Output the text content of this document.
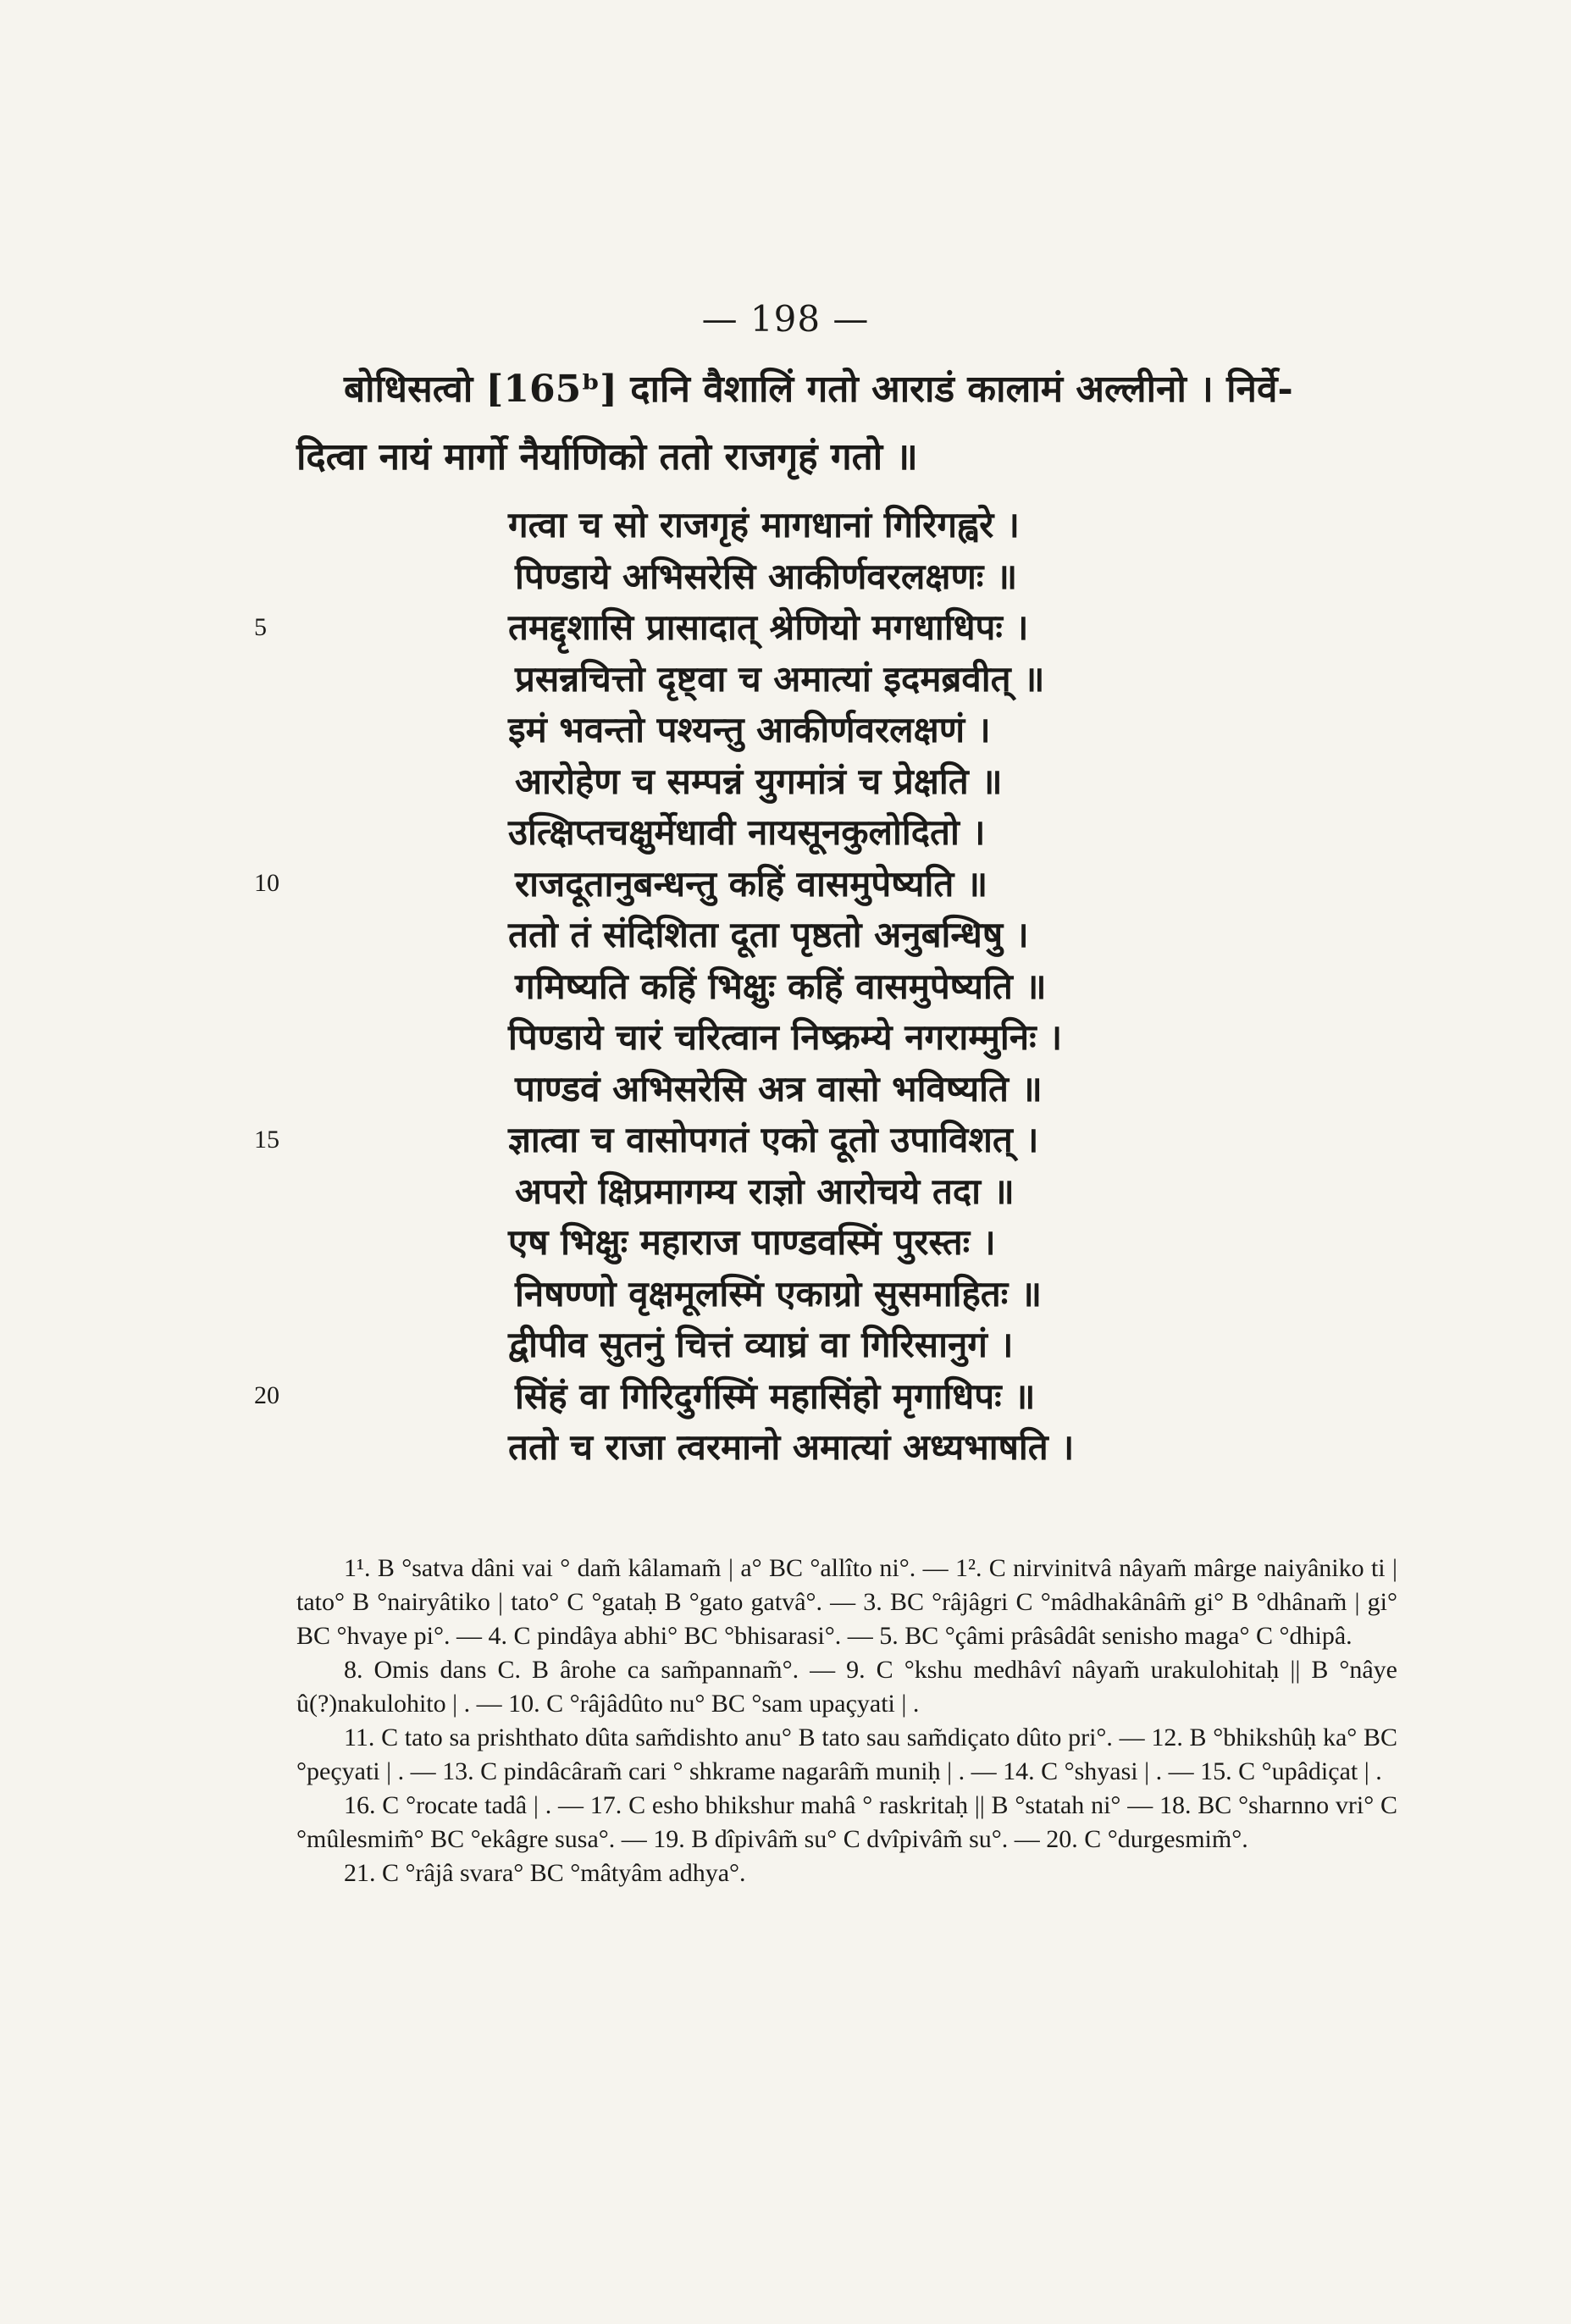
— 198 —
बोधिसत्वो [165ᵇ] दानि वैशालिं गतो आराडं कालामं अल्लीनो । निर्वे-
दित्वा नायं मार्गो नैर्याणिको ततो राजगृहं गतो ॥
गत्वा च सो राजगृहं मागधानां गिरिगह्वरे ।
पिण्डाये अभिसरेसि आकीर्णवरलक्षणः ॥
तमद्दृशासि प्रासादात् श्रेणियो मगधाधिपः ।
प्रसन्नचित्तो दृष्ट्वा च अमात्यां इदमब्रवीत् ॥
इमं भवन्तो पश्यन्तु आकीर्णवरलक्षणं ।
आरोहेण च सम्पन्नं युगमांत्रं च प्रेक्षति ॥
उत्क्षिप्तचक्षुर्मेधावी नायसूनकुलोदितो ।
राजदूतानुबन्धन्तु कहिं वासमुपेष्यति ॥
ततो तं संदिशिता दूता पृष्ठतो अनुबन्धिषु ।
गमिष्यति कहिं भिक्षुः कहिं वासमुपेष्यति ॥
पिण्डाये चारं चरित्वान निष्क्रम्ये नगराम्मुनिः ।
पाण्डवं अभिसरेसि अत्र वासो भविष्यति ॥
ज्ञात्वा च वासोपगतं एको दूतो उपाविशत् ।
अपरो क्षिप्रमागम्य राज्ञो आरोचये तदा ॥
एष भिक्षुः महाराज पाण्डवस्मिं पुरस्तः ।
निषण्णो वृक्षमूलस्मिं एकाग्रो सुसमाहितः ॥
द्वीपीव सुतनुं चित्तं व्याघ्रं वा गिरिसानुगं ।
सिंहं वा गिरिदुर्गस्मिं महासिंहो मृगाधिपः ॥
ततो च राजा त्वरमानो अमात्यां अध्यभाषति ।
5
10
15
20

1¹. B °satva dâni vai ° dam̃ kâlamam̃ | a° BC °allîto ni°. — 1². C nirvinitvâ nâyam̃ mârge naiyâniko ti | tato° B °nairyâtiko | tato° C °gataḥ B °gato gatvâ°. — 3. BC °râjâgri C °mâdhakânâm̃ gi° B °dhânam̃ | gi° BC °hvaye pi°. — 4. C pindâya abhi° BC °bhisarasi°. — 5. BC °çâmi prâsâdât senisho maga° C °dhipâ.

8. Omis dans C. B ârohe ca sam̃pannam̃°. — 9. C °kshu medhâvî nâyam̃ urakulohitaḥ || B °nâye û(?)nakulohito | . — 10. C °râjâdûto nu° BC °sam upaçyati | .

11. C tato sa prishthato dûta sam̃dishto anu° B tato sau sam̃diçato dûto pri°. — 12. B °bhikshûḥ ka° BC °peçyati | . — 13. C pindâcâram̃ cari ° shkrame nagarâm̃ muniḥ | . — 14. C °shyasi | . — 15. C °upâdiçat | .

16. C °rocate tadâ | . — 17. C esho bhikshur mahâ ° raskritaḥ || B °statah ni° — 18. BC °sharnno vri° C °mûlesmim̃° BC °ekâgre susa°. — 19. B dîpivâm̃ su° C dvîpivâm̃ su°. — 20. C °durgesmim̃°.

21. C °râjâ svara° BC °mâtyâm adhya°.
